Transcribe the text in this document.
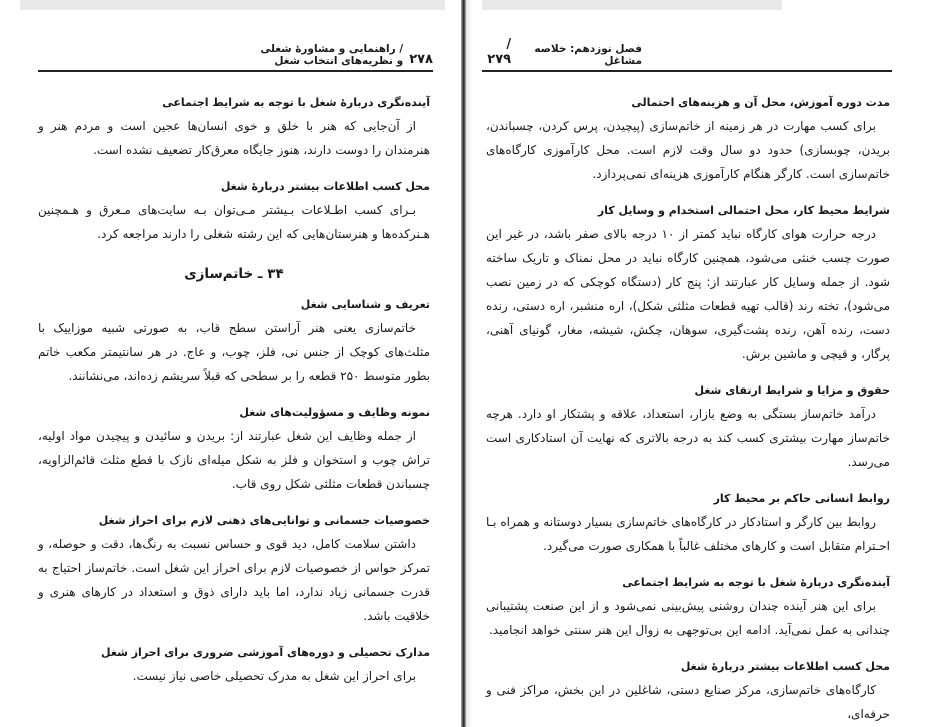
۲۷۸
/ راهنمایی و مشاورهٔ شغلی و نظریه‌های انتخاب شغل
آینده‌نگری دربارهٔ شغل با توجه به شرایط اجتماعی

از آن‌جایی که هنر با خلق و خوی انسان‌ها عجین است و مردم هنر و هنرمندان را دوست دارند، هنوز جایگاه معرق‌کار تضعیف نشده است.

محل کسب اطلاعات بیشتر دربارهٔ شغل

بـرای کسب اطـلاعات بـیشتر مـی‌توان بـه سایت‌های مـعرق و هـمچنین هـنرکده‌ها و هنرستان‌هایی که این رشته شغلی را دارند مراجعه کرد.

۳۴ ـ خاتم‌سازی
تعریف و شناسایی شغل

خاتم‌سازی یعنی هنر آراستن سطح قاب، به صورتی شبیه موزاییک با مثلث‌های کوچک از جنس نی، فلز، چوب، و عاج. در هر سانتیمتر مکعب خاتم بطور متوسط ۲۵۰ قطعه را بر سطحی که قبلاً سریشم زده‌اند، می‌نشانند.

نمونه وظایف و مسؤولیت‌های شغل

از جمله وظایف این شغل عبارتند از: بریدن و سائیدن و پیچیدن مواد اولیه، تراش چوب و استخوان و فلز به شکل میله‌ای نازک با قطع مثلث قائم‌الزاویه، چسباندن قطعات مثلثی شکل روی قاب.

خصوصیات جسمانی و توانایی‌های ذهنی لازم برای احراز شغل

داشتن سلامت کامل، دید قوی و حساس نسبت به رنگ‌ها، دقت و حوصله، و تمرکز حواس از خصوصیات لازم برای احراز این شغل است. خاتم‌ساز احتیاج به قدرت جسمانی زیاد ندارد، اما باید دارای ذوق و استعداد در کارهای هنری و خلاقیت باشد.

مدارک تحصیلی و دوره‌های آموزشی ضروری برای احراز شغل

برای احراز این شغل به مدرک تحصیلی خاصی نیاز نیست.

فصل نوزدهم: خلاصه مشاغل
/ ۲۷۹
مدت دوره آموزش، محل آن و هزینه‌های احتمالی

برای کسب مهارت در هر زمینه از خاتم‌سازی (پیچیدن، پرس کردن، چسباندن، بریدن، چوبسازی) حدود دو سال وقت لازم است. محل کارآموزی کارگاه‌های خاتم‌سازی است. کارگر هنگام کارآموزی هزینه‌ای نمی‌پردازد.

شرایط محیط کار، محل احتمالی استخدام و وسایل کار

درجه حرارت هوای کارگاه نباید کمتر از ۱۰ درجه بالای صفر باشد، در غیر این صورت چسب خنثی می‌شود، همچنین کارگاه نباید در محل نمناک و تاریک ساخته شود. از جمله وسایل کار عبارتند از: پنج کار (دستگاه کوچکی که در زمین نصب می‌شود)، تخته رند (قالب تهیه قطعات مثلثی شکل)، اره منشبر، اره دستی، رنده دست، رنده آهن، رنده پشت‌گیری، سوهان، چکش، شیشه، مغار، گونیای آهنی، پرگار، و قیچی و ماشین برش.

حقوق و مزایا و شرایط ارتقای شغل

درآمد خاتم‌ساز بستگی به وضع بازار، استعداد، علاقه و پشتکار او دارد. هرچه خاتم‌ساز مهارت بیشتری کسب کند به درجه بالاتری که نهایت آن استادکاری است می‌رسد.

روابط انسانی حاکم بر محیط کار

روابط بین کارگر و استادکار در کارگاه‌های خاتم‌سازی بسیار دوستانه و همراه بـا احـترام متقابل است و کارهای مختلف غالباً با همکاری صورت می‌گیرد.

آینده‌نگری دربارهٔ شغل با توجه به شرایط اجتماعی

برای این هنر آینده چندان روشنی پیش‌بینی نمی‌شود و از این صنعت پشتیبانی چندانی به عمل نمی‌آید. ادامه این بی‌توجهی به زوال این هنر سنتی خواهد انجامید.

محل کسب اطلاعات بیشتر دربارهٔ شغل

کارگاه‌های خاتم‌سازی، مرکز صنایع دستی، شاغلین در این بخش، مراکز فنی و حرفه‌ای،
